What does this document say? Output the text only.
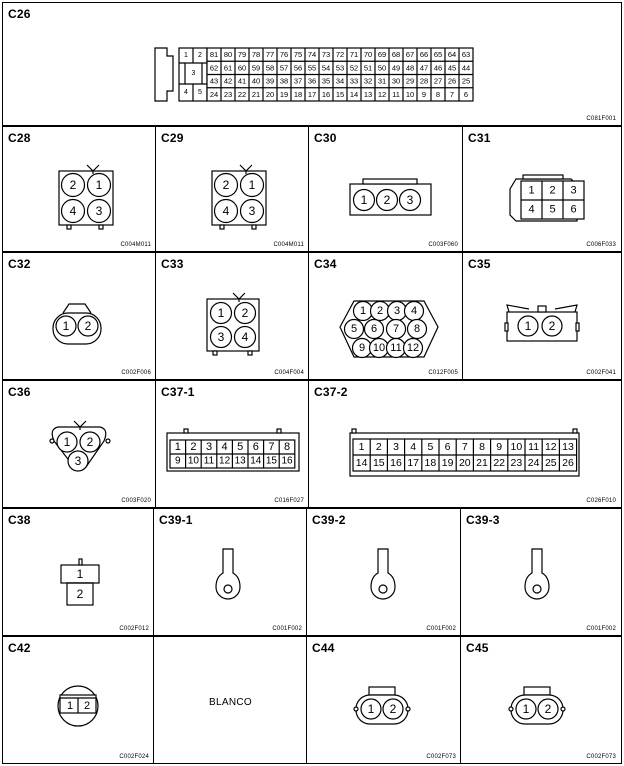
C26
1 2
3
4 5
81 80 79 78 77 76 75 74 73 72 71 70 69 68 67 66 65 64 63
62 61 60 59 58 57 56 55 54 53 52 51 50 49 48 47 46 45 44
43 42 41 40 39 38 37 36 35 34 33 32 31 30 29 28 27 26 25
24 23 22 21 20 19 18 17 16 15 14 13 12 11 10 9 8 7 6
C081F001
C28
2 1
4 3
C004M011
C29
2 1
4 3
C004M011
C30
1 2 3
C003F060
C31
1 2 3
4 5 6
C006F033
C32
1 2
C002F006
C33
1 2
3 4
C004F004
C34
1 2 3 4
5 6 7 8
9 10 11 12
C012F005
C35
1 2
C002F041
C36
1 2
3
C003F020
C37-1
1 2 3 4 5 6 7 8
9 10 11 12 13 14 15 16
C016F027
C37-2
1 2 3 4 5 6 7 8 9 10 11 12 13
14 15 16 17 18 19 20 21 22 23 24 25 26
C026F010
C38
1
2
C002F012
C39-1
C001F002
C39-2
C001F002
C39-3
C001F002
C42
1 2
C002F024
BLANCO
C44
1 2
C002F073
C45
1 2
C002F073
